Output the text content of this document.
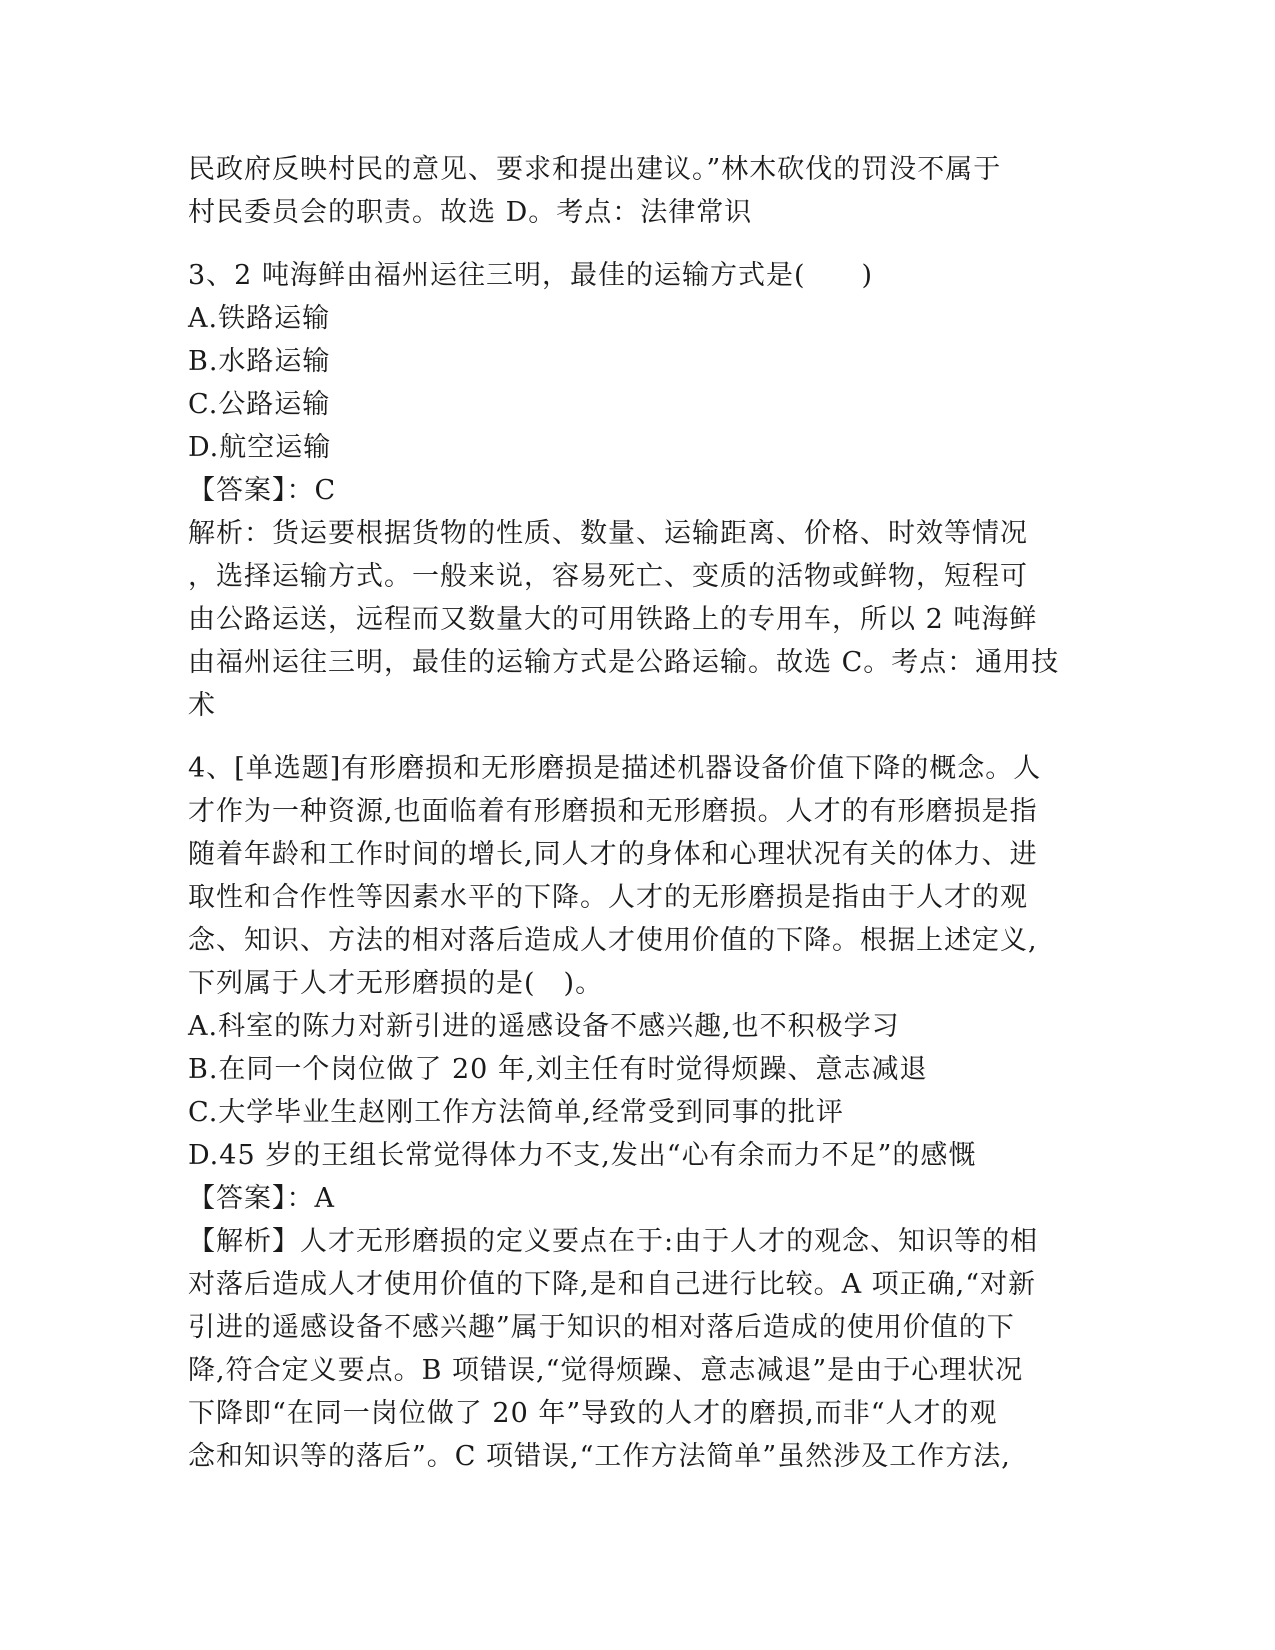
民政府反映村民的意见、要求和提出建议。”林木砍伐的罚没不属于
村民委员会的职责。故选 D。考点：法律常识
3、2 吨海鲜由福州运往三明，最佳的运输方式是(　　)
A.铁路运输
B.水路运输
C.公路运输
D.航空运输
【答案】：C
解析：货运要根据货物的性质、数量、运输距离、价格、时效等情况
，选择运输方式。一般来说，容易死亡、变质的活物或鲜物，短程可
由公路运送，远程而又数量大的可用铁路上的专用车，所以 2 吨海鲜
由福州运往三明，最佳的运输方式是公路运输。故选 C。考点：通用技
术
4、[单选题]有形磨损和无形磨损是描述机器设备价值下降的概念。人
才作为一种资源,也面临着有形磨损和无形磨损。人才的有形磨损是指
随着年龄和工作时间的增长,同人才的身体和心理状况有关的体力、进
取性和合作性等因素水平的下降。人才的无形磨损是指由于人才的观
念、知识、方法的相对落后造成人才使用价值的下降。根据上述定义,
下列属于人才无形磨损的是(　)。
A.科室的陈力对新引进的遥感设备不感兴趣,也不积极学习
B.在同一个岗位做了 20 年,刘主任有时觉得烦躁、意志减退
C.大学毕业生赵刚工作方法简单,经常受到同事的批评
D.45 岁的王组长常觉得体力不支,发出“心有余而力不足”的感慨
【答案】：A
【解析】人才无形磨损的定义要点在于:由于人才的观念、知识等的相
对落后造成人才使用价值的下降,是和自己进行比较。A 项正确,“对新
引进的遥感设备不感兴趣”属于知识的相对落后造成的使用价值的下
降,符合定义要点。B 项错误,“觉得烦躁、意志减退”是由于心理状况
下降即“在同一岗位做了 20 年”导致的人才的磨损,而非“人才的观
念和知识等的落后”。C 项错误,“工作方法简单”虽然涉及工作方法,
